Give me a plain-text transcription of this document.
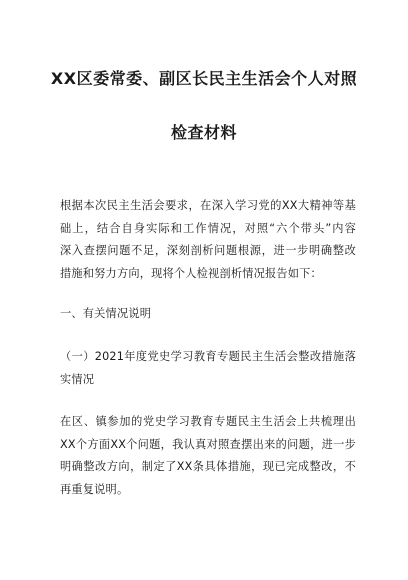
XX区委常委、副区长民主生活会个人对照
检查材料
根据本次民主生活会要求，在深入学习党的XX大精神等基
础上，结合自身实际和工作情况，对照“六个带头”内容
深入查摆问题不足，深刻剖析问题根源，进一步明确整改
措施和努力方向，现将个人检视剖析情况报告如下：
一、有关情况说明
（一）2021年度党史学习教育专题民主生活会整改措施落
实情况
在区、镇参加的党史学习教育专题民主生活会上共梳理出
XX个方面XX个问题，我认真对照查摆出来的问题，进一步
明确整改方向，制定了XX条具体措施，现已完成整改，不
再重复说明。
